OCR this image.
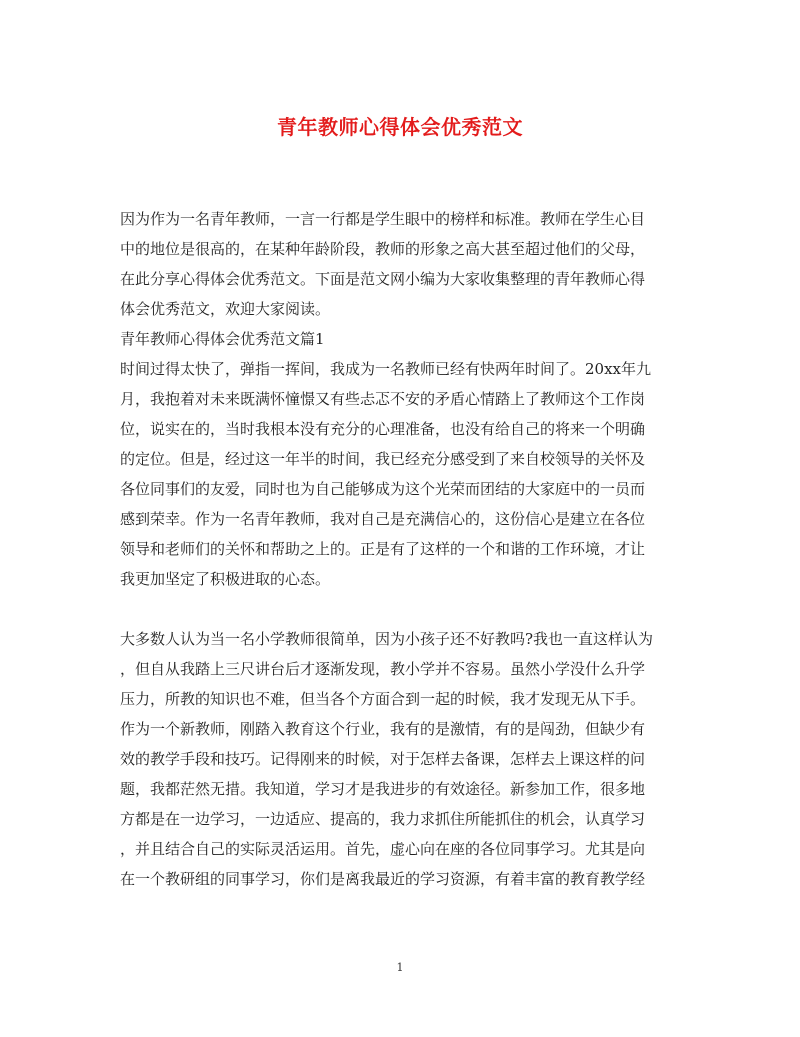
青年教师心得体会优秀范文
因为作为一名青年教师，一言一行都是学生眼中的榜样和标准。教师在学生心目
中的地位是很高的，在某种年龄阶段，教师的形象之高大甚至超过他们的父母，
在此分享心得体会优秀范文。下面是范文网小编为大家收集整理的青年教师心得
体会优秀范文，欢迎大家阅读。
青年教师心得体会优秀范文篇1
时间过得太快了，弹指一挥间，我成为一名教师已经有快两年时间了。20xx年九
月，我抱着对未来既满怀憧憬又有些忐忑不安的矛盾心情踏上了教师这个工作岗
位，说实在的，当时我根本没有充分的心理准备，也没有给自己的将来一个明确
的定位。但是，经过这一年半的时间，我已经充分感受到了来自校领导的关怀及
各位同事们的友爱，同时也为自己能够成为这个光荣而团结的大家庭中的一员而
感到荣幸。作为一名青年教师，我对自己是充满信心的，这份信心是建立在各位
领导和老师们的关怀和帮助之上的。正是有了这样的一个和谐的工作环境，才让
我更加坚定了积极进取的心态。
大多数人认为当一名小学教师很简单，因为小孩子还不好教吗?我也一直这样认为
，但自从我踏上三尺讲台后才逐渐发现，教小学并不容易。虽然小学没什么升学
压力，所教的知识也不难，但当各个方面合到一起的时候，我才发现无从下手。
作为一个新教师，刚踏入教育这个行业，我有的是激情，有的是闯劲，但缺少有
效的教学手段和技巧。记得刚来的时候，对于怎样去备课，怎样去上课这样的问
题，我都茫然无措。我知道，学习才是我进步的有效途径。新参加工作，很多地
方都是在一边学习，一边适应、提高的，我力求抓住所能抓住的机会，认真学习
，并且结合自己的实际灵活运用。首先，虚心向在座的各位同事学习。尤其是向
在一个教研组的同事学习，你们是离我最近的学习资源，有着丰富的教育教学经
1
